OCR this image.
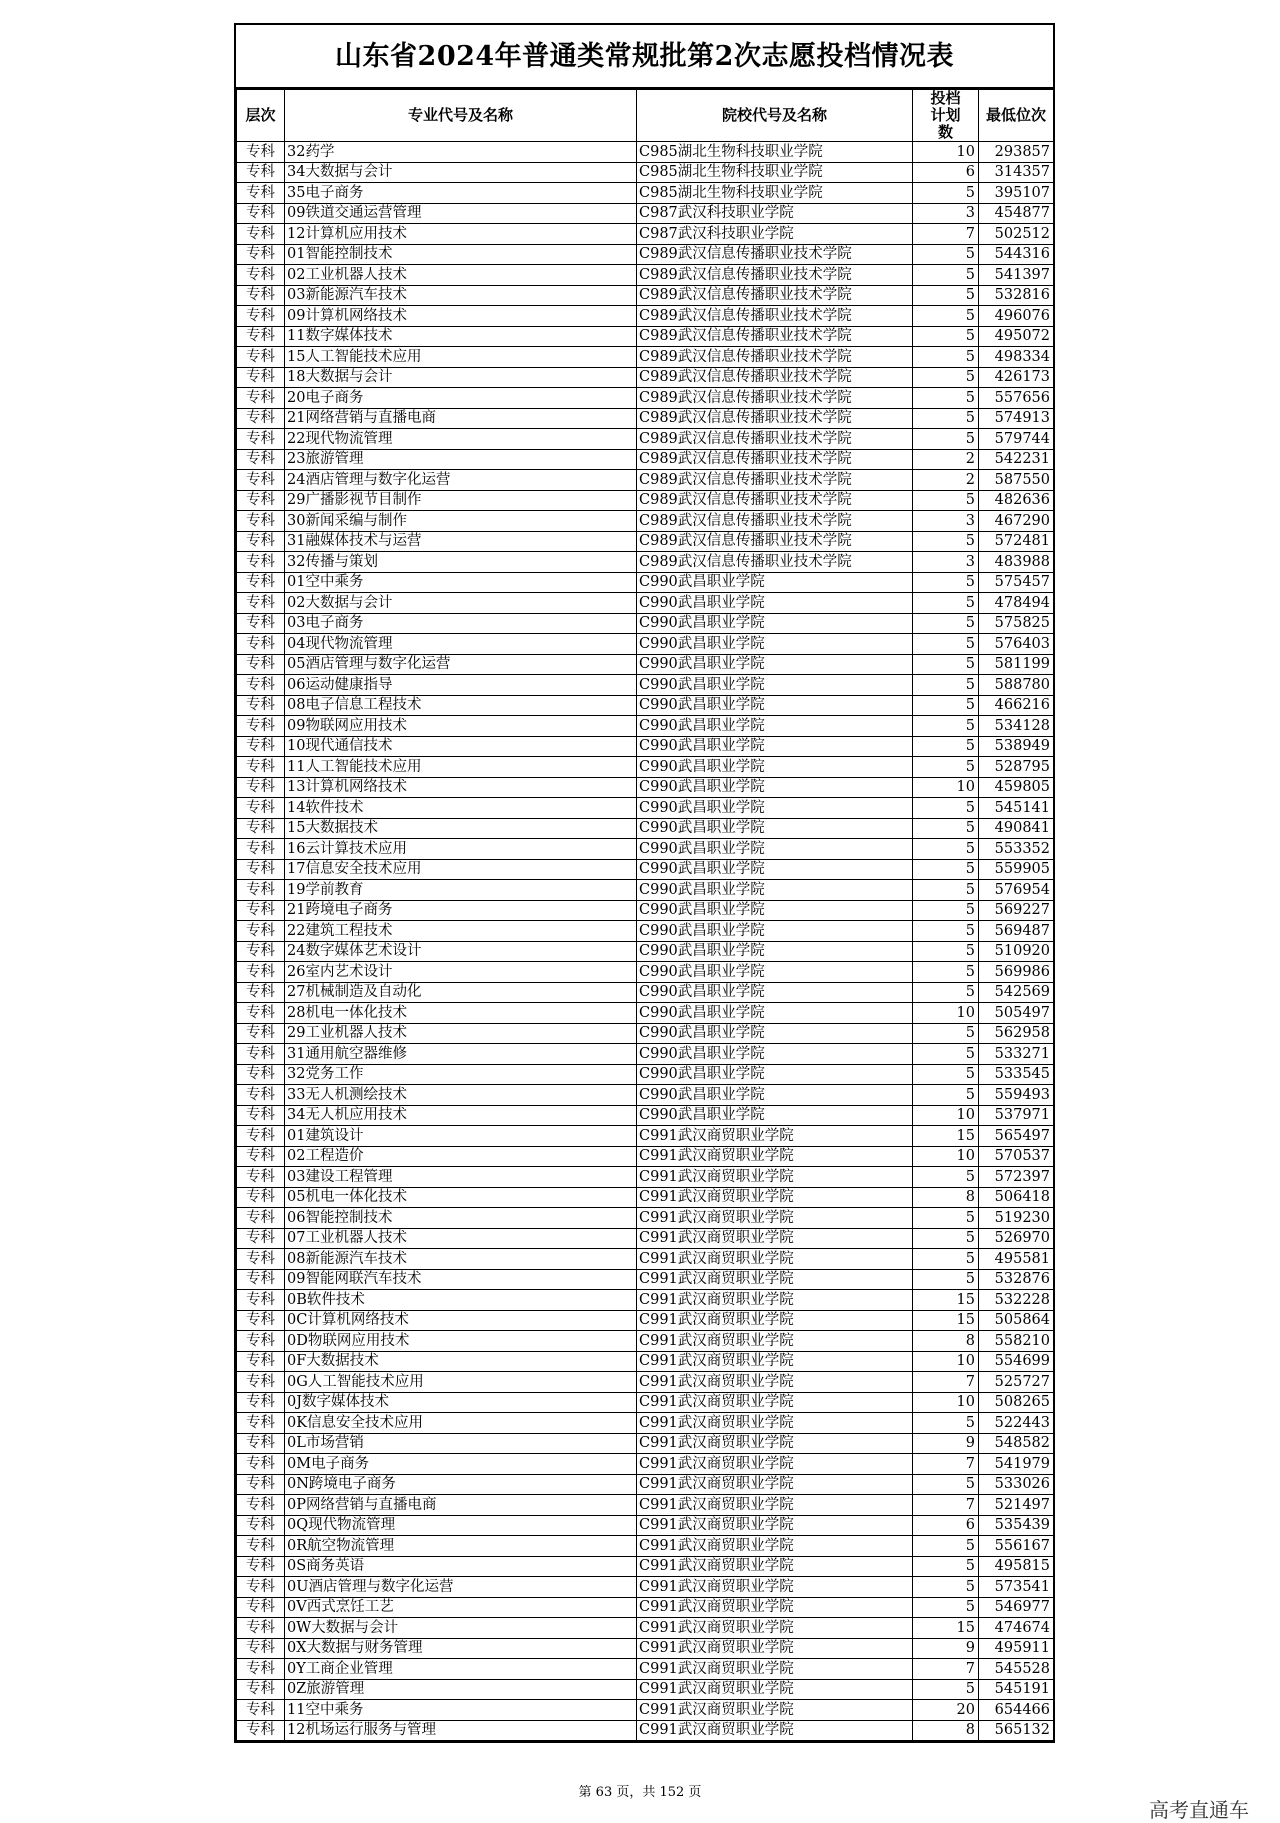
山东省2024年普通类常规批第2次志愿投档情况表
层次	专业代号及名称	院校代号及名称	投档计划数	最低位次
专科	32药学	C985湖北生物科技职业学院	10	293857
专科	34大数据与会计	C985湖北生物科技职业学院	6	314357
专科	35电子商务	C985湖北生物科技职业学院	5	395107
专科	09铁道交通运营管理	C987武汉科技职业学院	3	454877
专科	12计算机应用技术	C987武汉科技职业学院	7	502512
专科	01智能控制技术	C989武汉信息传播职业技术学院	5	544316
专科	02工业机器人技术	C989武汉信息传播职业技术学院	5	541397
专科	03新能源汽车技术	C989武汉信息传播职业技术学院	5	532816
专科	09计算机网络技术	C989武汉信息传播职业技术学院	5	496076
专科	11数字媒体技术	C989武汉信息传播职业技术学院	5	495072
专科	15人工智能技术应用	C989武汉信息传播职业技术学院	5	498334
专科	18大数据与会计	C989武汉信息传播职业技术学院	5	426173
专科	20电子商务	C989武汉信息传播职业技术学院	5	557656
专科	21网络营销与直播电商	C989武汉信息传播职业技术学院	5	574913
专科	22现代物流管理	C989武汉信息传播职业技术学院	5	579744
专科	23旅游管理	C989武汉信息传播职业技术学院	2	542231
专科	24酒店管理与数字化运营	C989武汉信息传播职业技术学院	2	587550
专科	29广播影视节目制作	C989武汉信息传播职业技术学院	5	482636
专科	30新闻采编与制作	C989武汉信息传播职业技术学院	3	467290
专科	31融媒体技术与运营	C989武汉信息传播职业技术学院	5	572481
专科	32传播与策划	C989武汉信息传播职业技术学院	3	483988
专科	01空中乘务	C990武昌职业学院	5	575457
专科	02大数据与会计	C990武昌职业学院	5	478494
专科	03电子商务	C990武昌职业学院	5	575825
专科	04现代物流管理	C990武昌职业学院	5	576403
专科	05酒店管理与数字化运营	C990武昌职业学院	5	581199
专科	06运动健康指导	C990武昌职业学院	5	588780
专科	08电子信息工程技术	C990武昌职业学院	5	466216
专科	09物联网应用技术	C990武昌职业学院	5	534128
专科	10现代通信技术	C990武昌职业学院	5	538949
专科	11人工智能技术应用	C990武昌职业学院	5	528795
专科	13计算机网络技术	C990武昌职业学院	10	459805
专科	14软件技术	C990武昌职业学院	5	545141
专科	15大数据技术	C990武昌职业学院	5	490841
专科	16云计算技术应用	C990武昌职业学院	5	553352
专科	17信息安全技术应用	C990武昌职业学院	5	559905
专科	19学前教育	C990武昌职业学院	5	576954
专科	21跨境电子商务	C990武昌职业学院	5	569227
专科	22建筑工程技术	C990武昌职业学院	5	569487
专科	24数字媒体艺术设计	C990武昌职业学院	5	510920
专科	26室内艺术设计	C990武昌职业学院	5	569986
专科	27机械制造及自动化	C990武昌职业学院	5	542569
专科	28机电一体化技术	C990武昌职业学院	10	505497
专科	29工业机器人技术	C990武昌职业学院	5	562958
专科	31通用航空器维修	C990武昌职业学院	5	533271
专科	32党务工作	C990武昌职业学院	5	533545
专科	33无人机测绘技术	C990武昌职业学院	5	559493
专科	34无人机应用技术	C990武昌职业学院	10	537971
专科	01建筑设计	C991武汉商贸职业学院	15	565497
专科	02工程造价	C991武汉商贸职业学院	10	570537
专科	03建设工程管理	C991武汉商贸职业学院	5	572397
专科	05机电一体化技术	C991武汉商贸职业学院	8	506418
专科	06智能控制技术	C991武汉商贸职业学院	5	519230
专科	07工业机器人技术	C991武汉商贸职业学院	5	526970
专科	08新能源汽车技术	C991武汉商贸职业学院	5	495581
专科	09智能网联汽车技术	C991武汉商贸职业学院	5	532876
专科	0B软件技术	C991武汉商贸职业学院	15	532228
专科	0C计算机网络技术	C991武汉商贸职业学院	15	505864
专科	0D物联网应用技术	C991武汉商贸职业学院	8	558210
专科	0F大数据技术	C991武汉商贸职业学院	10	554699
专科	0G人工智能技术应用	C991武汉商贸职业学院	7	525727
专科	0J数字媒体技术	C991武汉商贸职业学院	10	508265
专科	0K信息安全技术应用	C991武汉商贸职业学院	5	522443
专科	0L市场营销	C991武汉商贸职业学院	9	548582
专科	0M电子商务	C991武汉商贸职业学院	7	541979
专科	0N跨境电子商务	C991武汉商贸职业学院	5	533026
专科	0P网络营销与直播电商	C991武汉商贸职业学院	7	521497
专科	0Q现代物流管理	C991武汉商贸职业学院	6	535439
专科	0R航空物流管理	C991武汉商贸职业学院	5	556167
专科	0S商务英语	C991武汉商贸职业学院	5	495815
专科	0U酒店管理与数字化运营	C991武汉商贸职业学院	5	573541
专科	0V西式烹饪工艺	C991武汉商贸职业学院	5	546977
专科	0W大数据与会计	C991武汉商贸职业学院	15	474674
专科	0X大数据与财务管理	C991武汉商贸职业学院	9	495911
专科	0Y工商企业管理	C991武汉商贸职业学院	7	545528
专科	0Z旅游管理	C991武汉商贸职业学院	5	545191
专科	11空中乘务	C991武汉商贸职业学院	20	654466
专科	12机场运行服务与管理	C991武汉商贸职业学院	8	565132
第 63 页，共 152 页
高考直通车
